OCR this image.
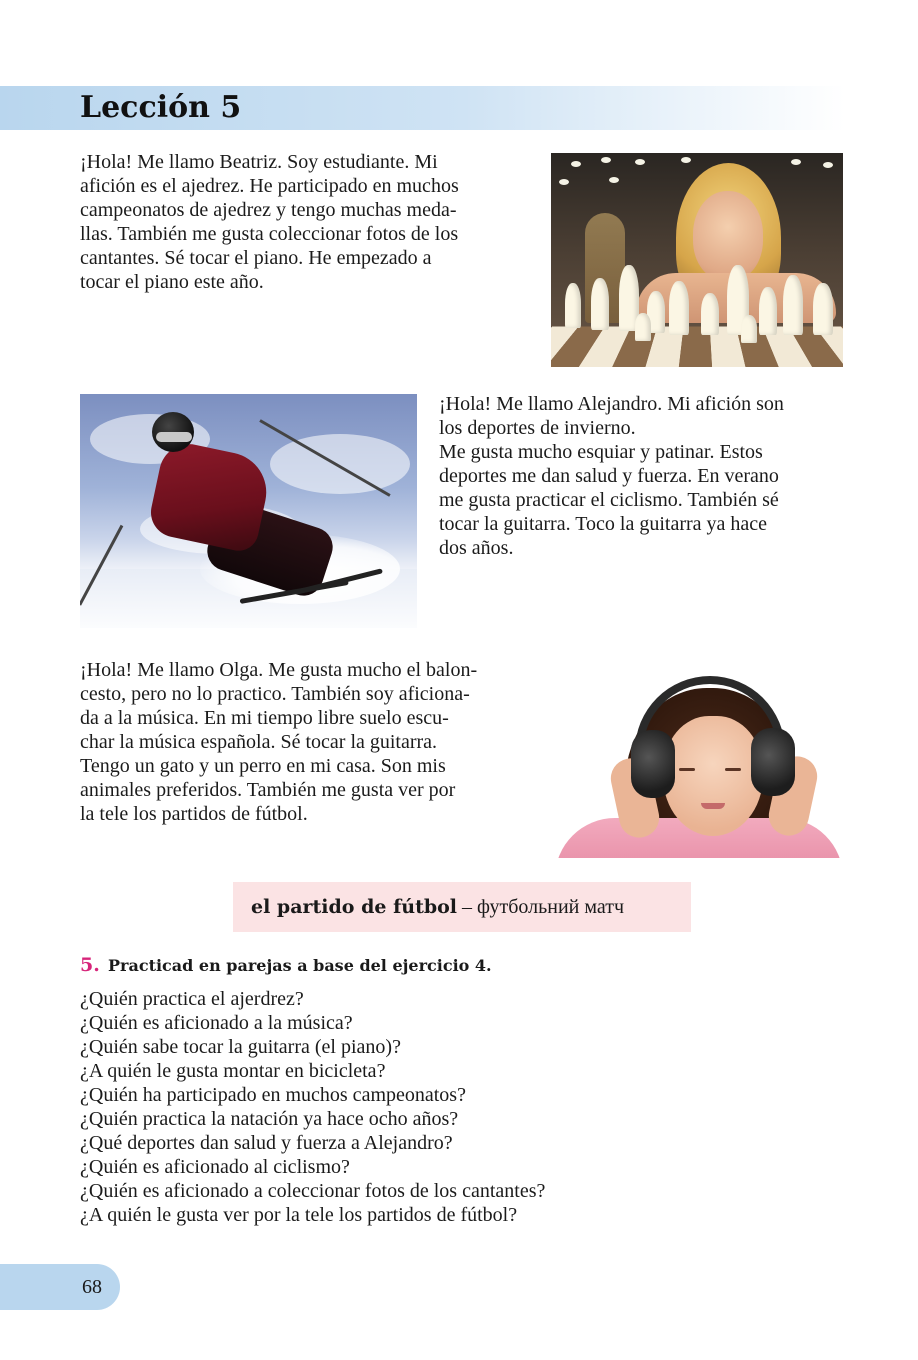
Lección 5
¡Hola! Me llamo Beatriz. Soy estudiante. Mi
afición es el ajedrez. He participado en muchos
campeonatos de ajedrez y tengo muchas meda-
llas. También me gusta coleccionar fotos de los
cantantes. Sé tocar el piano. He empezado a
tocar el piano este año.
¡Hola! Me llamo Alejandro. Mi afición son
los deportes de invierno.
Me gusta mucho esquiar y patinar. Estos
deportes me dan salud y fuerza. En verano
me gusta practicar el ciclismo. También sé
tocar la guitarra. Toco la guitarra ya hace
dos años.
¡Hola! Me llamo Olga. Me gusta mucho el balon-
cesto, pero no lo practico. También soy aficiona-
da a la música. En mi tiempo libre suelo escu-
char la música española. Sé tocar la guitarra.
Tengo un gato y un perro en mi casa. Son mis
animales preferidos. También me gusta ver por
la tele los partidos de fútbol.
el partido de fútbol – футбольний матч

5. Practicad en parejas a base del ejercicio 4.

¿Quién practica el ajerdrez?
¿Quién es aficionado a la música?
¿Quién sabe tocar la guitarra (el piano)?
¿A quién le gusta montar en bicicleta?
¿Quién ha participado en muchos campeonatos?
¿Quién practica la natación ya hace ocho años?
¿Qué deportes dan salud y fuerza a Alejandro?
¿Quién es aficionado al ciclismo?
¿Quién es aficionado a coleccionar fotos de los cantantes?
¿A quién le gusta ver por la tele los partidos de fútbol?

68
